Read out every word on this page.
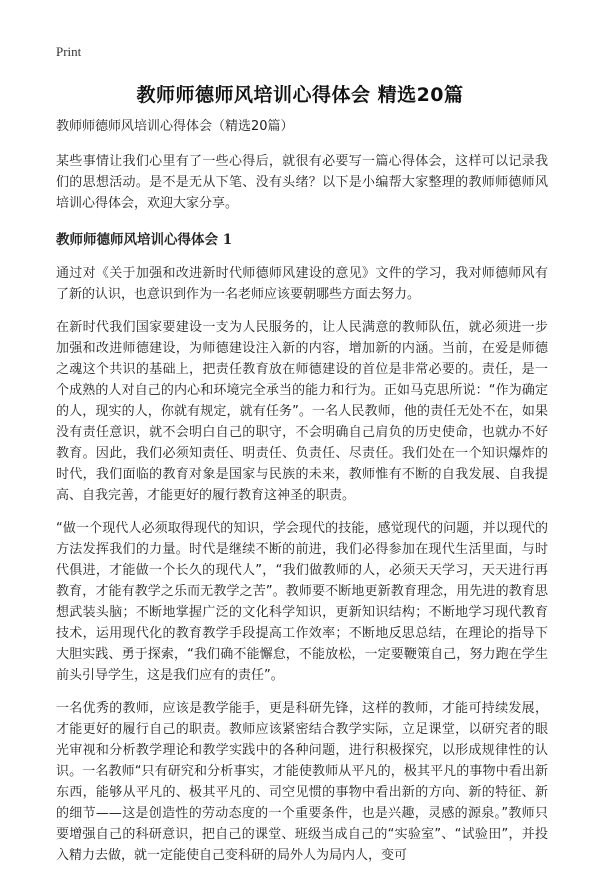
Print
教师师德师风培训心得体会 精选20篇
教师师德师风培训心得体会（精选20篇）

某些事情让我们心里有了一些心得后，就很有必要写一篇心得体会，这样可以记录我们的思想活动。是不是无从下笔、没有头绪？以下是小编帮大家整理的教师师德师风培训心得体会，欢迎大家分享。

教师师德师风培训心得体会 1

通过对《关于加强和改进新时代师德师风建设的意见》文件的学习，我对师德师风有了新的认识，也意识到作为一名老师应该要朝哪些方面去努力。

在新时代我们国家要建设一支为人民服务的，让人民满意的教师队伍，就必须进一步加强和改进师德建设，为师德建设注入新的内容，增加新的内涵。当前，在爱是师德之魂这个共识的基础上，把责任教育放在师德建设的首位是非常必要的。责任，是一个成熟的人对自己的内心和环境完全承当的能力和行为。正如马克思所说：“作为确定的人，现实的人，你就有规定，就有任务”。一名人民教师，他的责任无处不在，如果没有责任意识，就不会明白自己的职守，不会明确自己肩负的历史使命，也就办不好教育。因此，我们必须知责任、明责任、负责任、尽责任。我们处在一个知识爆炸的时代，我们面临的教育对象是国家与民族的未来，教师惟有不断的自我发展、自我提高、自我完善，才能更好的履行教育这神圣的职责。

“做一个现代人必须取得现代的知识，学会现代的技能，感觉现代的问题，并以现代的方法发挥我们的力量。时代是继续不断的前进，我们必得参加在现代生活里面，与时代俱进，才能做一个长久的现代人”，“我们做教师的人，必须天天学习，天天进行再教育，才能有教学之乐而无教学之苦”。教师要不断地更新教育理念，用先进的教育思想武装头脑；不断地掌握广泛的文化科学知识，更新知识结构；不断地学习现代教育技术，运用现代化的教育教学手段提高工作效率；不断地反思总结，在理论的指导下大胆实践、勇于探索，“我们确不能懈怠，不能放松，一定要鞭策自己，努力跑在学生前头引导学生，这是我们应有的责任”。

一名优秀的教师，应该是教学能手，更是科研先锋，这样的教师，才能可持续发展，才能更好的履行自己的职责。教师应该紧密结合教学实际，立足课堂，以研究者的眼光审视和分析教学理论和教学实践中的各种问题，进行积极探究，以形成规律性的认识。一名教师“只有研究和分析事实，才能使教师从平凡的，极其平凡的事物中看出新东西，能够从平凡的、极其平凡的、司空见惯的事物中看出新的方向、新的特征、新的细节——这是创造性的劳动态度的一个重要条件，也是兴趣，灵感的源泉。”教师只要增强自己的科研意识，把自己的课堂、班级当成自己的“实验室”、“试验田”，并投入精力去做，就一定能使自己变科研的局外人为局内人，变可
